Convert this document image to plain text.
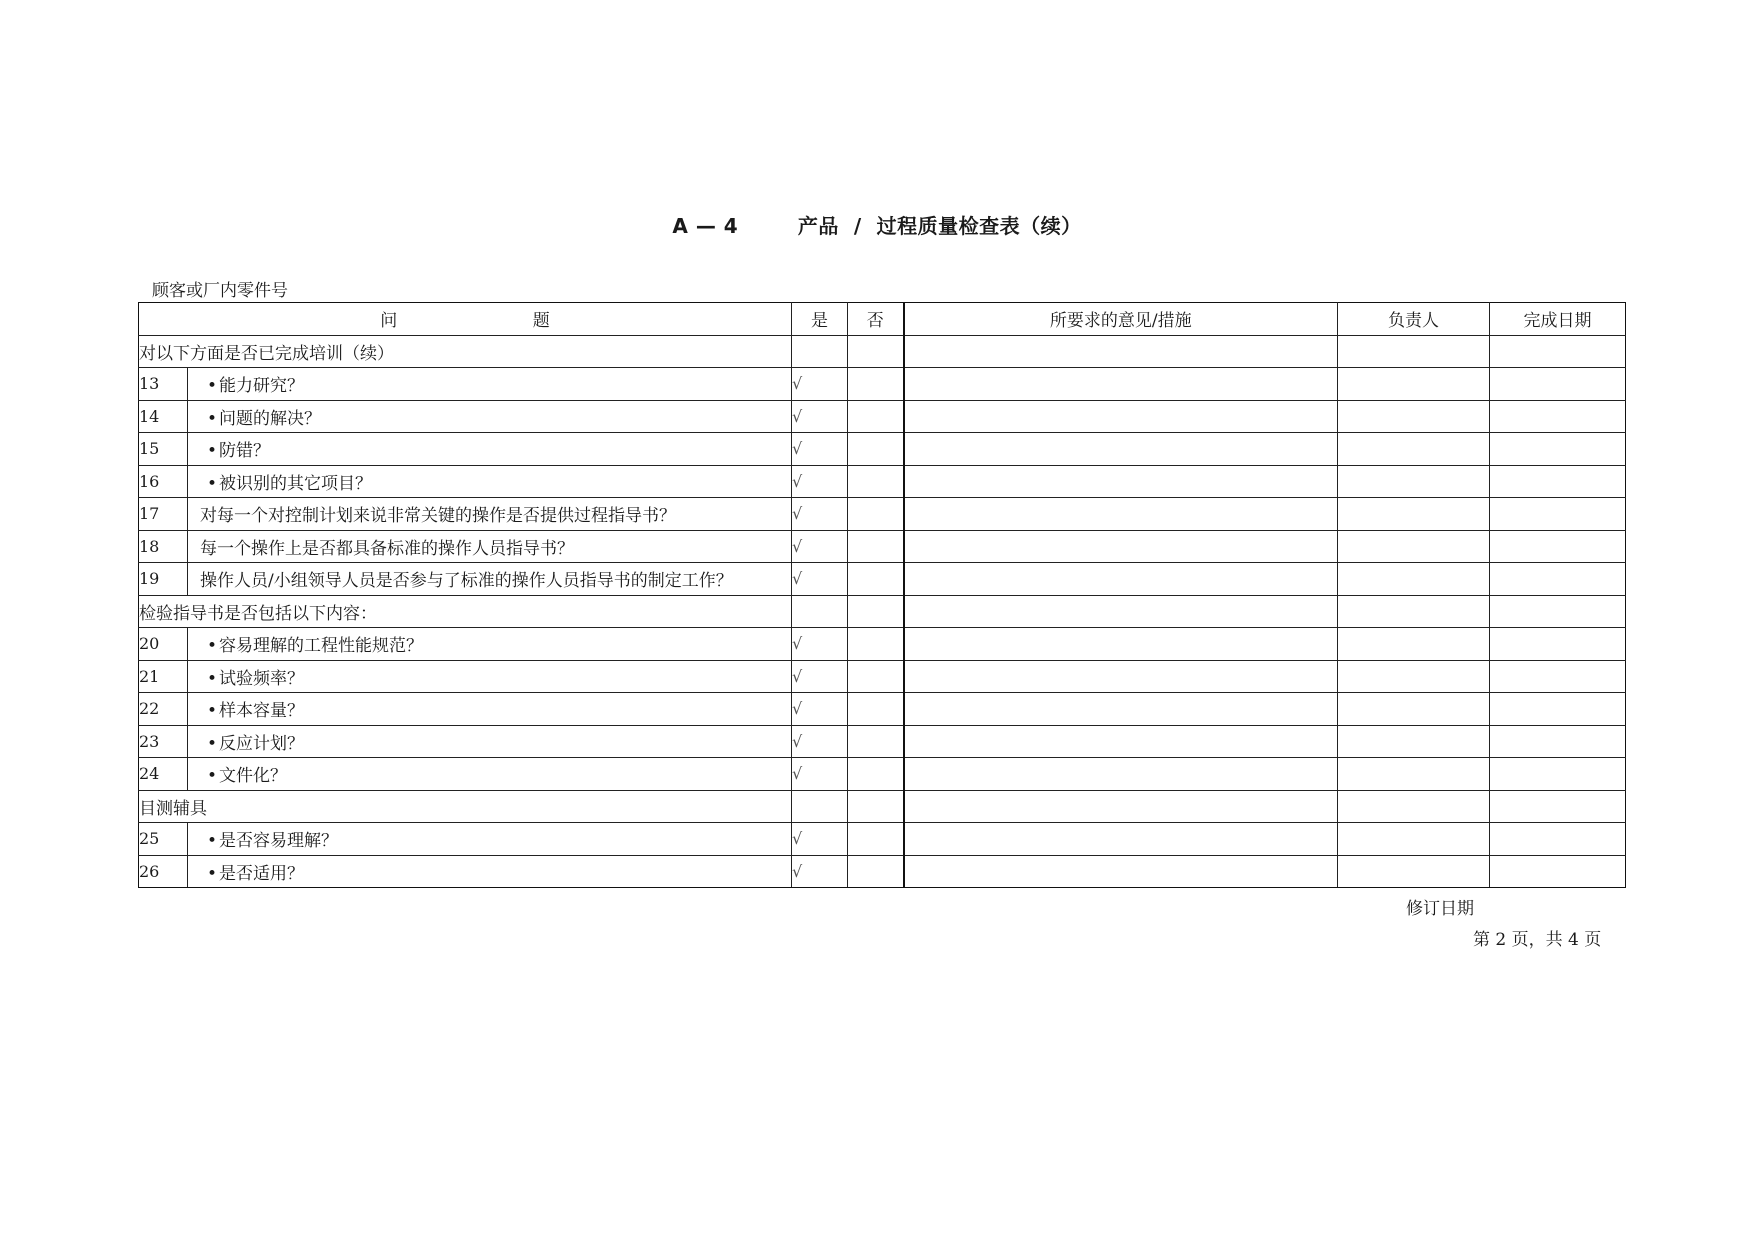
A — 4        产品  /  过程质量检查表（续）
顾客或厂内零件号
问 题		是	否	所要求的意见/措施	负责人	完成日期
对以下方面是否已完成培训（续）						
13	• 能力研究？	√				
14	• 问题的解决？	√				
15	• 防错？	√				
16	• 被识别的其它项目？	√				
17	对每一个对控制计划来说非常关键的操作是否提供过程指导书？	√				
18	每一个操作上是否都具备标准的操作人员指导书？	√				
19	操作人员/小组领导人员是否参与了标准的操作人员指导书的制定工作？	√				
检验指导书是否包括以下内容：						
20	• 容易理解的工程性能规范？	√				
21	• 试验频率？	√				
22	• 样本容量？	√				
23	• 反应计划？	√				
24	• 文件化？	√				
目测辅具						
25	• 是否容易理解？	√				
26	• 是否适用？	√				
修订日期
第 2 页，共 4 页
